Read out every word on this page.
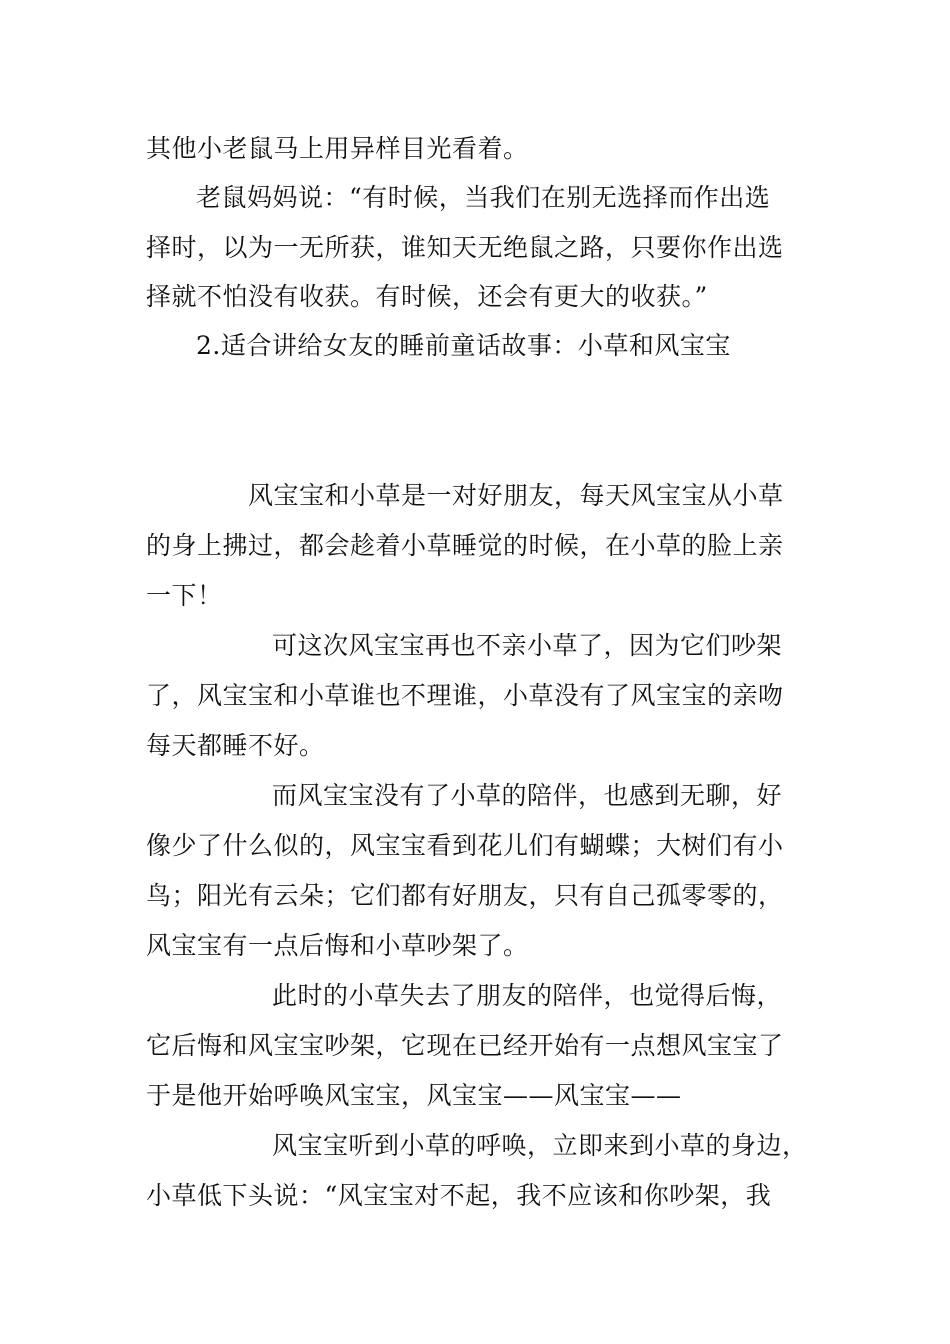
其他小老鼠马上用异样目光看着。
老鼠妈妈说：“有时候，当我们在别无选择而作出选
择时，以为一无所获，谁知天无绝鼠之路，只要你作出选
择就不怕没有收获。有时候，还会有更大的收获。”
2.适合讲给女友的睡前童话故事：小草和风宝宝
风宝宝和小草是一对好朋友，每天风宝宝从小草
的身上拂过，都会趁着小草睡觉的时候，在小草的脸上亲
一下！
可这次风宝宝再也不亲小草了，因为它们吵架
了，风宝宝和小草谁也不理谁，小草没有了风宝宝的亲吻
每天都睡不好。
而风宝宝没有了小草的陪伴，也感到无聊，好
像少了什么似的，风宝宝看到花儿们有蝴蝶；大树们有小
鸟；阳光有云朵；它们都有好朋友，只有自己孤零零的，
风宝宝有一点后悔和小草吵架了。
此时的小草失去了朋友的陪伴，也觉得后悔，
它后悔和风宝宝吵架，它现在已经开始有一点想风宝宝了
于是他开始呼唤风宝宝，风宝宝——风宝宝——
风宝宝听到小草的呼唤，立即来到小草的身边，
小草低下头说：“风宝宝对不起，我不应该和你吵架，我
